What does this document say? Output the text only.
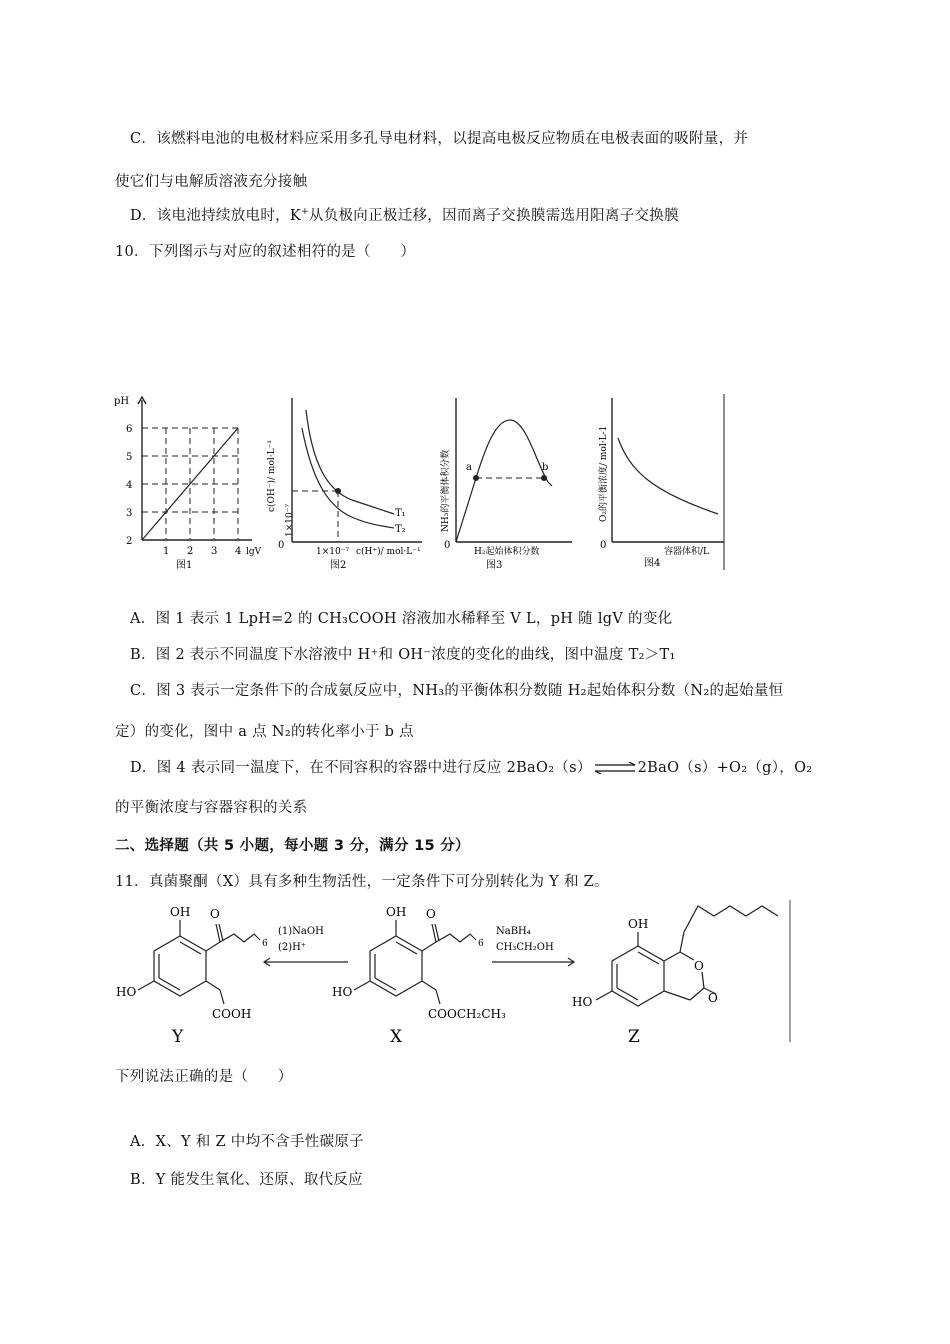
C．该燃料电池的电极材料应采用多孔导电材料，以提高电极反应物质在电极表面的吸附量，并
使它们与电解质溶液充分接触
D．该电池持续放电时，K+从负极向正极迁移，因而离子交换膜需选用阳离子交换膜
10．下列图示与对应的叙述相符的是（　　）
pH
2
3
4
5
6
1 2 3 4 lgV
图1
c(OH⁻)/ mol·L⁻¹
1×10⁻⁷	T₁
T₂
0
1×10⁻⁷ c(H⁺)/ mol·L⁻¹
图2
NH₃的平衡体积分数 a	b
0
H₂起始体积分数
图3
O₂的平衡浓度/ mol·L-1
0
容器体积/L
图4
A．图 1 表示 1 LpH=2 的 CH₃COOH 溶液加水稀释至 V L，pH 随 lgV 的变化
B．图 2 表示不同温度下水溶液中 H⁺和 OH⁻浓度的变化的曲线，图中温度 T₂＞T₁
C．图 3 表示一定条件下的合成氨反应中，NH₃的平衡体积分数随 H₂起始体积分数（N₂的起始量恒
定）的变化，图中 a 点 N₂的转化率小于 b 点
D．图 4 表示同一温度下，在不同容积的容器中进行反应 2BaO₂（s）⇌2BaO（s）+O₂（g），O₂
的平衡浓度与容器容积的关系
二、选择题（共 5 小题，每小题 3 分，满分 15 分）
11．真菌聚酮（X）具有多种生物活性，一定条件下可分别转化为 Y 和 Z。
OH
HO
O
6
COOH
Y
(1)NaOH
(2)H⁺
OH
HO
O
6
COOCH₂CH₃
X
NaBH₄
CH₃CH₂OH
OH
HO
O
O
Z
下列说法正确的是（　　）
A．X、Y 和 Z 中均不含手性碳原子
B．Y 能发生氧化、还原、取代反应
